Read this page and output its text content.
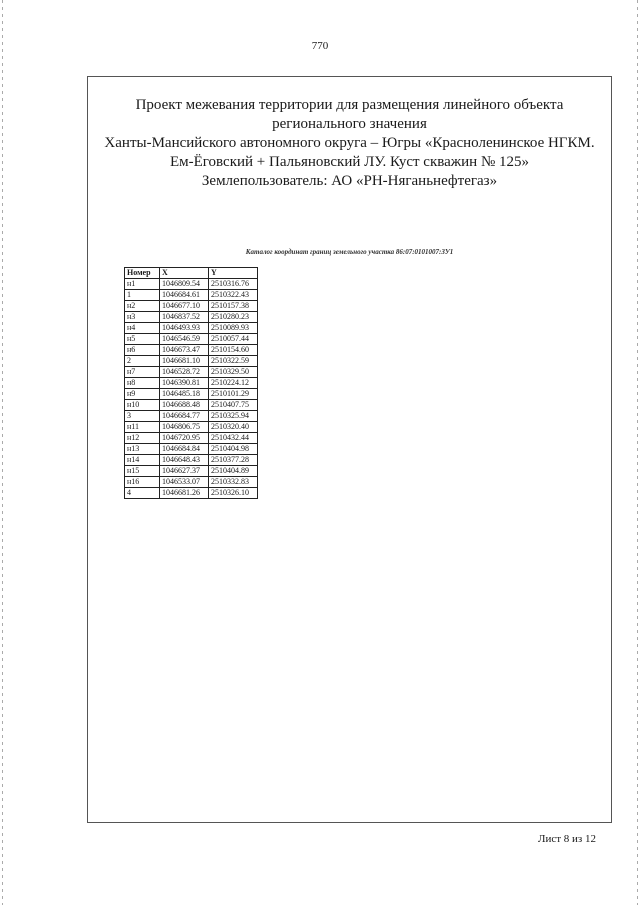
770
Проект межевания территории для размещения линейного объекта
регионального значения
Ханты-Мансийского автономного округа – Югры «Красноленинское НГКМ.
Ем-Ёговский + Пальяновский ЛУ. Куст скважин № 125»
Землепользователь: АО «РН-Няганьнефтегаз»
Каталог координат границ земельного участка 86:07:0101007:ЗУ1
Номер	X	Y
н1	1046809.54	2510316.76
1	1046684.61	2510322.43
н2	1046677.10	2510157.38
н3	1046837.52	2510280.23
н4	1046493.93	2510089.93
н5	1046546.59	2510057.44
н6	1046673.47	2510154.60
2	1046681.10	2510322.59
н7	1046528.72	2510329.50
н8	1046390.81	2510224.12
н9	1046485.18	2510101.29
н10	1046688.48	2510407.75
3	1046684.77	2510325.94
н11	1046806.75	2510320.40
н12	1046720.95	2510432.44
н13	1046684.84	2510404.98
н14	1046648.43	2510377.28
н15	1046627.37	2510404.89
н16	1046533.07	2510332.83
4	1046681.26	2510326.10
Лист 8 из 12
